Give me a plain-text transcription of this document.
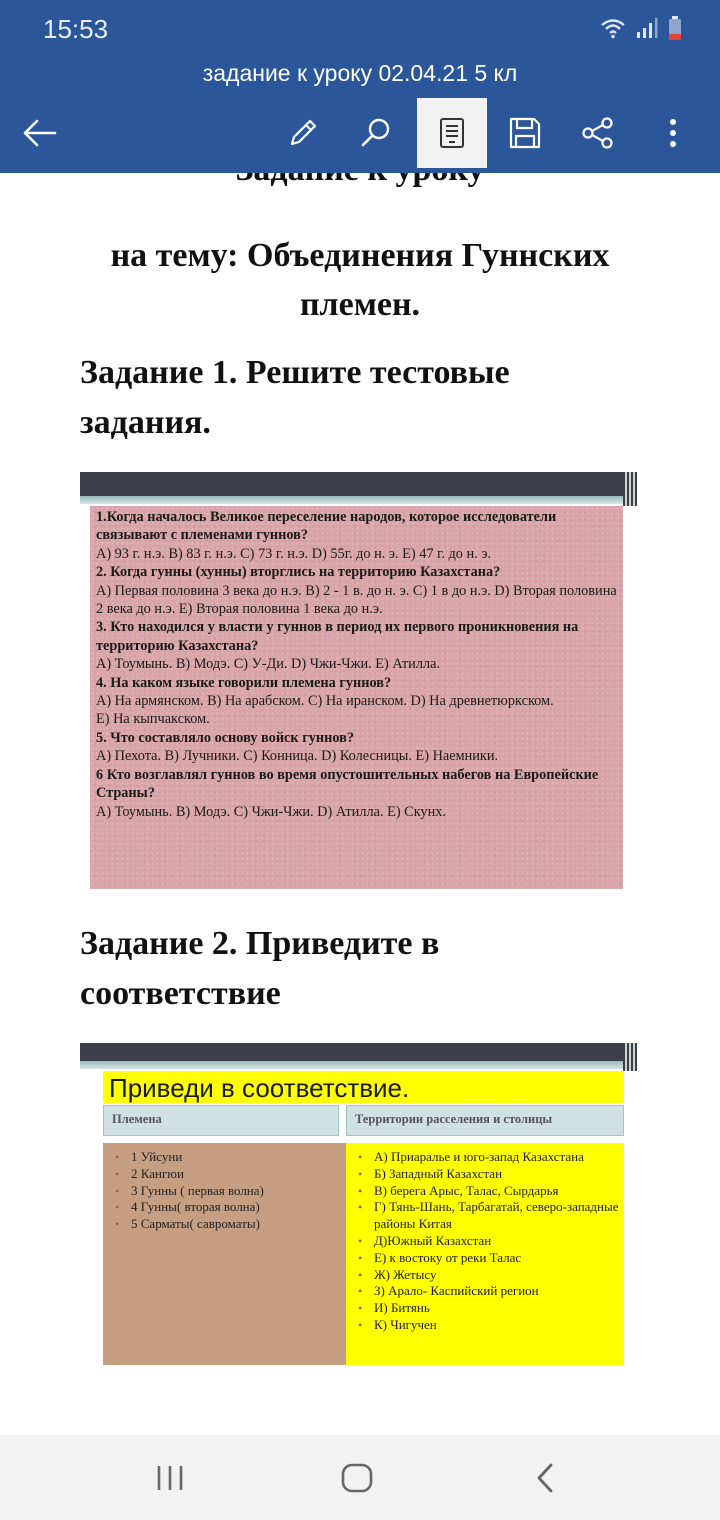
15:53
задание к уроку 02.04.21 5 кл
на тему: Объединения Гуннских племен.
Задание 1. Решите тестовые задания.
1.Когда началось Великое переселение народов, которое исследователи связывают с племенами гуннов?
А) 93 г. н.э. В) 83 г. н.э. С) 73 г. н.э. D) 55г. до н. э. Е) 47 г. до н. э.
2. Когда гунны (хунны) вторглись на территорию Казахстана?
А) Первая половина 3 века до н.э. В) 2 - 1 в. до н. э. С) 1 в до н.э. D) Вторая половина 2 века до н.э. Е) Вторая половина 1 века до н.э.
3. Кто находился у власти у гуннов в период их первого проникновения на территорию Казахстана?
А) Тоумынь. В) Модэ. С) У-Ди. D) Чжи-Чжи. Е) Атилла.
4. На каком языке говорили племена гуннов?
А) На армянском. В) На арабском. С) На иранском. D) На древнетюркском.
Е) На кыпчакском.
5. Что составляло основу войск гуннов?
А) Пехота. В) Лучники. С) Конница. D) Колесницы. Е) Наемники.
6 Кто возглавлял гуннов во время опустошительных набегов на Европейские Страны?
А) Тоумынь. В) Модэ. С) Чжи-Чжи. D) Атилла. Е) Скунх.
Задание 2. Приведите в соответствие
Приведи в соответствие.
Племена	Территории расселения и столицы
• 1 Уйсуни
• 2 Кангюи
• 3 Гунны ( первая волна)
• 4 Гунны( вторая волна)
• 5 Сарматы( савроматы)
• А) Приаралье и юго-запад Казахстана
• Б) Западный Казахстан
• В) берега Арыс, Талас, Сырдарья
• Г) Тянь-Шань, Тарбагатай, северо-западные районы Китая
• Д)Южный Казахстан
• Е) к востоку от реки Талас
• Ж) Жетысу
• З) Арало- Каспийский регион
• И) Битянь
• К) Чигучен
